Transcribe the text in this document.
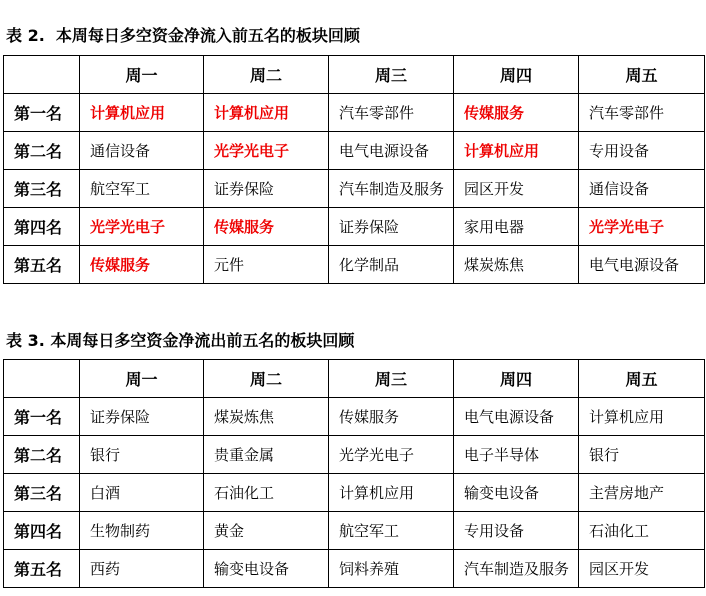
表 2.  本周每日多空资金净流入前五名的板块回顾
	周一	周二	周三	周四	周五
第一名	计算机应用	计算机应用	汽车零部件	传媒服务	汽车零部件
第二名	通信设备	光学光电子	电气电源设备	计算机应用	专用设备
第三名	航空军工	证券保险	汽车制造及服务	园区开发	通信设备
第四名	光学光电子	传媒服务	证券保险	家用电器	光学光电子
第五名	传媒服务	元件	化学制品	煤炭炼焦	电气电源设备
表 3. 本周每日多空资金净流出前五名的板块回顾
	周一	周二	周三	周四	周五
第一名	证券保险	煤炭炼焦	传媒服务	电气电源设备	计算机应用
第二名	银行	贵重金属	光学光电子	电子半导体	银行
第三名	白酒	石油化工	计算机应用	输变电设备	主营房地产
第四名	生物制药	黄金	航空军工	专用设备	石油化工
第五名	西药	输变电设备	饲料养殖	汽车制造及服务	园区开发
